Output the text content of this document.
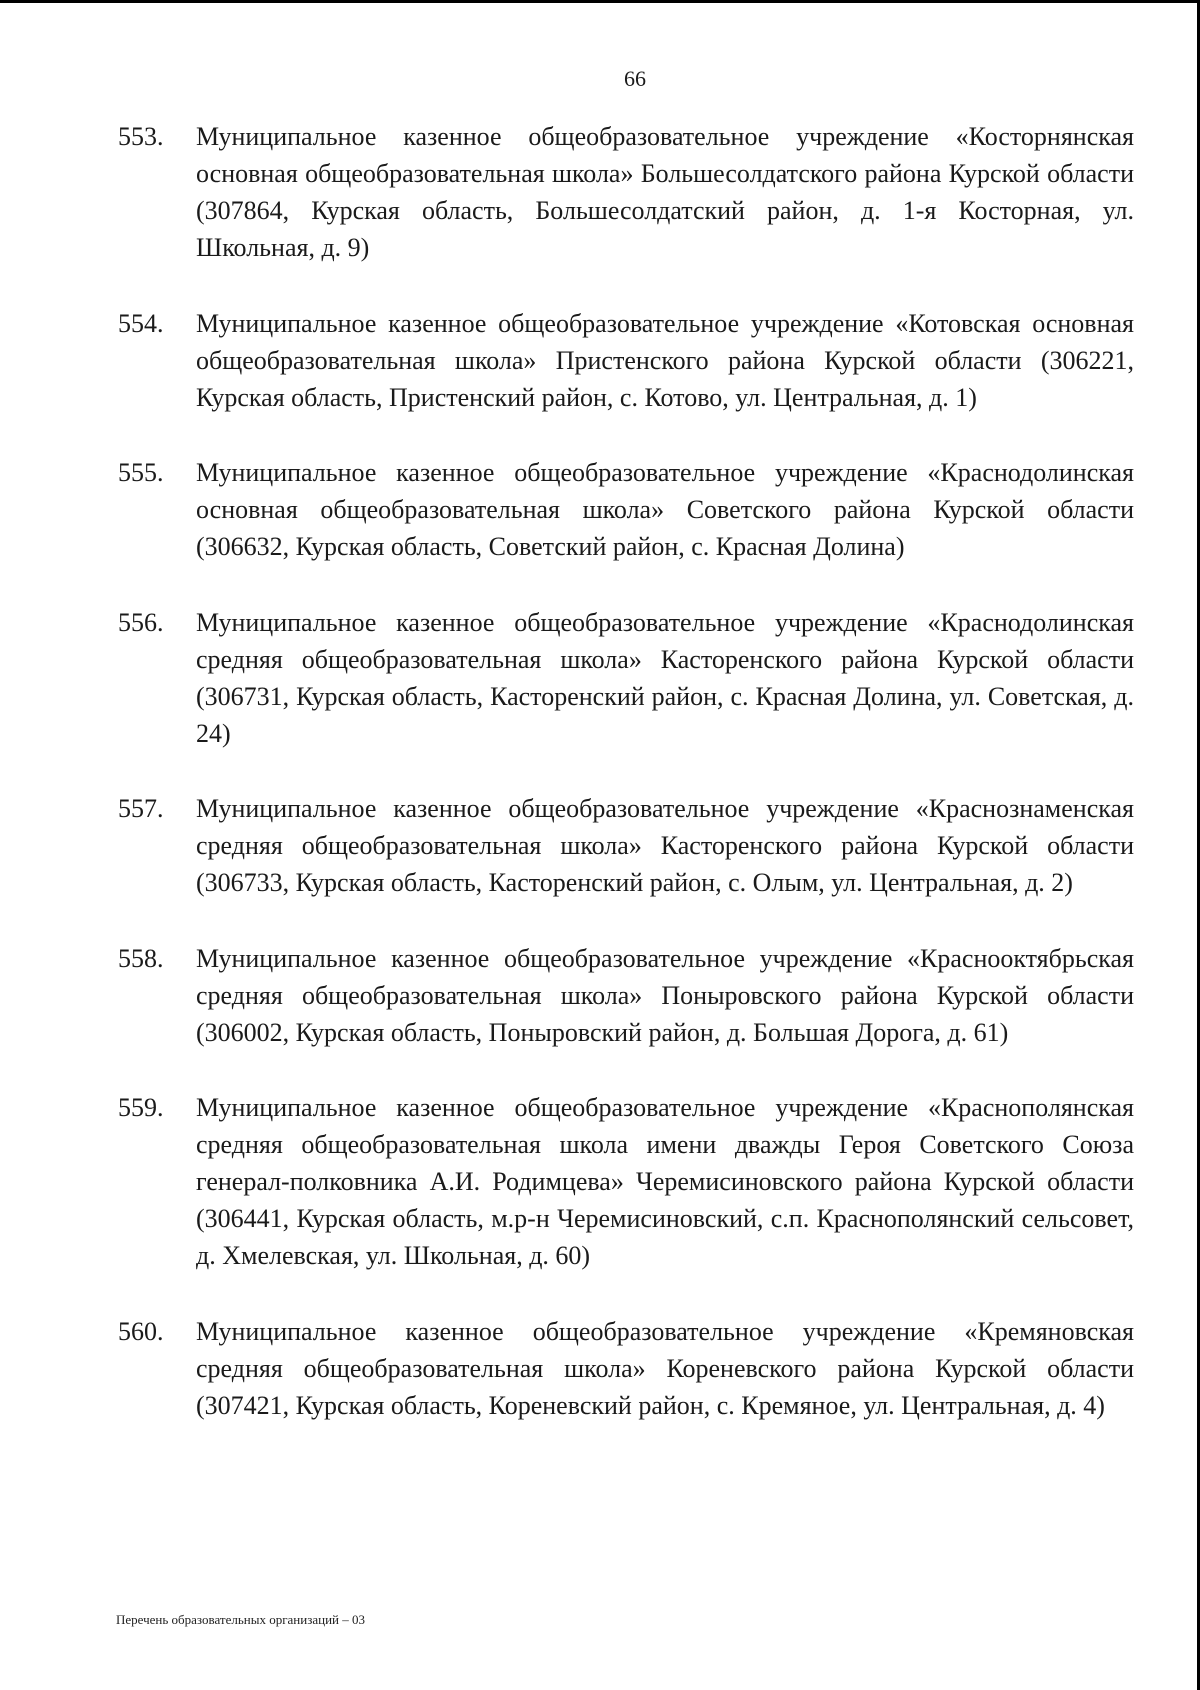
66
553.	Муниципальное казенное общеобразовательное учреждение «Косторнянская основная общеобразовательная школа» Большесолдатского района Курской области (307864, Курская область, Большесолдатский район, д. 1-я Косторная, ул. Школьная, д. 9)
554.	Муниципальное казенное общеобразовательное учреждение «Котовская основная общеобразовательная школа» Пристенского района Курской области (306221, Курская область, Пристенский район, с. Котово, ул. Центральная, д. 1)
555.	Муниципальное казенное общеобразовательное учреждение «Краснодолинская основная общеобразовательная школа» Советского района Курской области (306632, Курская область, Советский район, с. Красная Долина)
556.	Муниципальное казенное общеобразовательное учреждение «Краснодолинская средняя общеобразовательная школа» Касторенского района Курской области (306731, Курская область, Касторенский район, с. Красная Долина, ул. Советская, д. 24)
557.	Муниципальное казенное общеобразовательное учреждение «Краснознаменская средняя общеобразовательная школа» Касторенского района Курской области (306733, Курская область, Касторенский район, с. Олым, ул. Центральная, д. 2)
558.	Муниципальное казенное общеобразовательное учреждение «Краснооктябрьская средняя общеобразовательная школа» Поныровского района Курской области (306002, Курская область, Поныровский район, д. Большая Дорога, д. 61)
559.	Муниципальное казенное общеобразовательное учреждение «Краснополянская средняя общеобразовательная школа имени дважды Героя Советского Союза генерал-полковника А.И. Родимцева» Черемисиновского района Курской области (306441, Курская область, м.р-н Черемисиновский, с.п. Краснополянский сельсовет, д. Хмелевская, ул. Школьная, д. 60)
560.	Муниципальное казенное общеобразовательное учреждение «Кремяновская средняя общеобразовательная школа» Кореневского района Курской области (307421, Курская область, Кореневский район, с. Кремяное, ул. Центральная, д. 4)
Перечень образовательных организаций – 03
